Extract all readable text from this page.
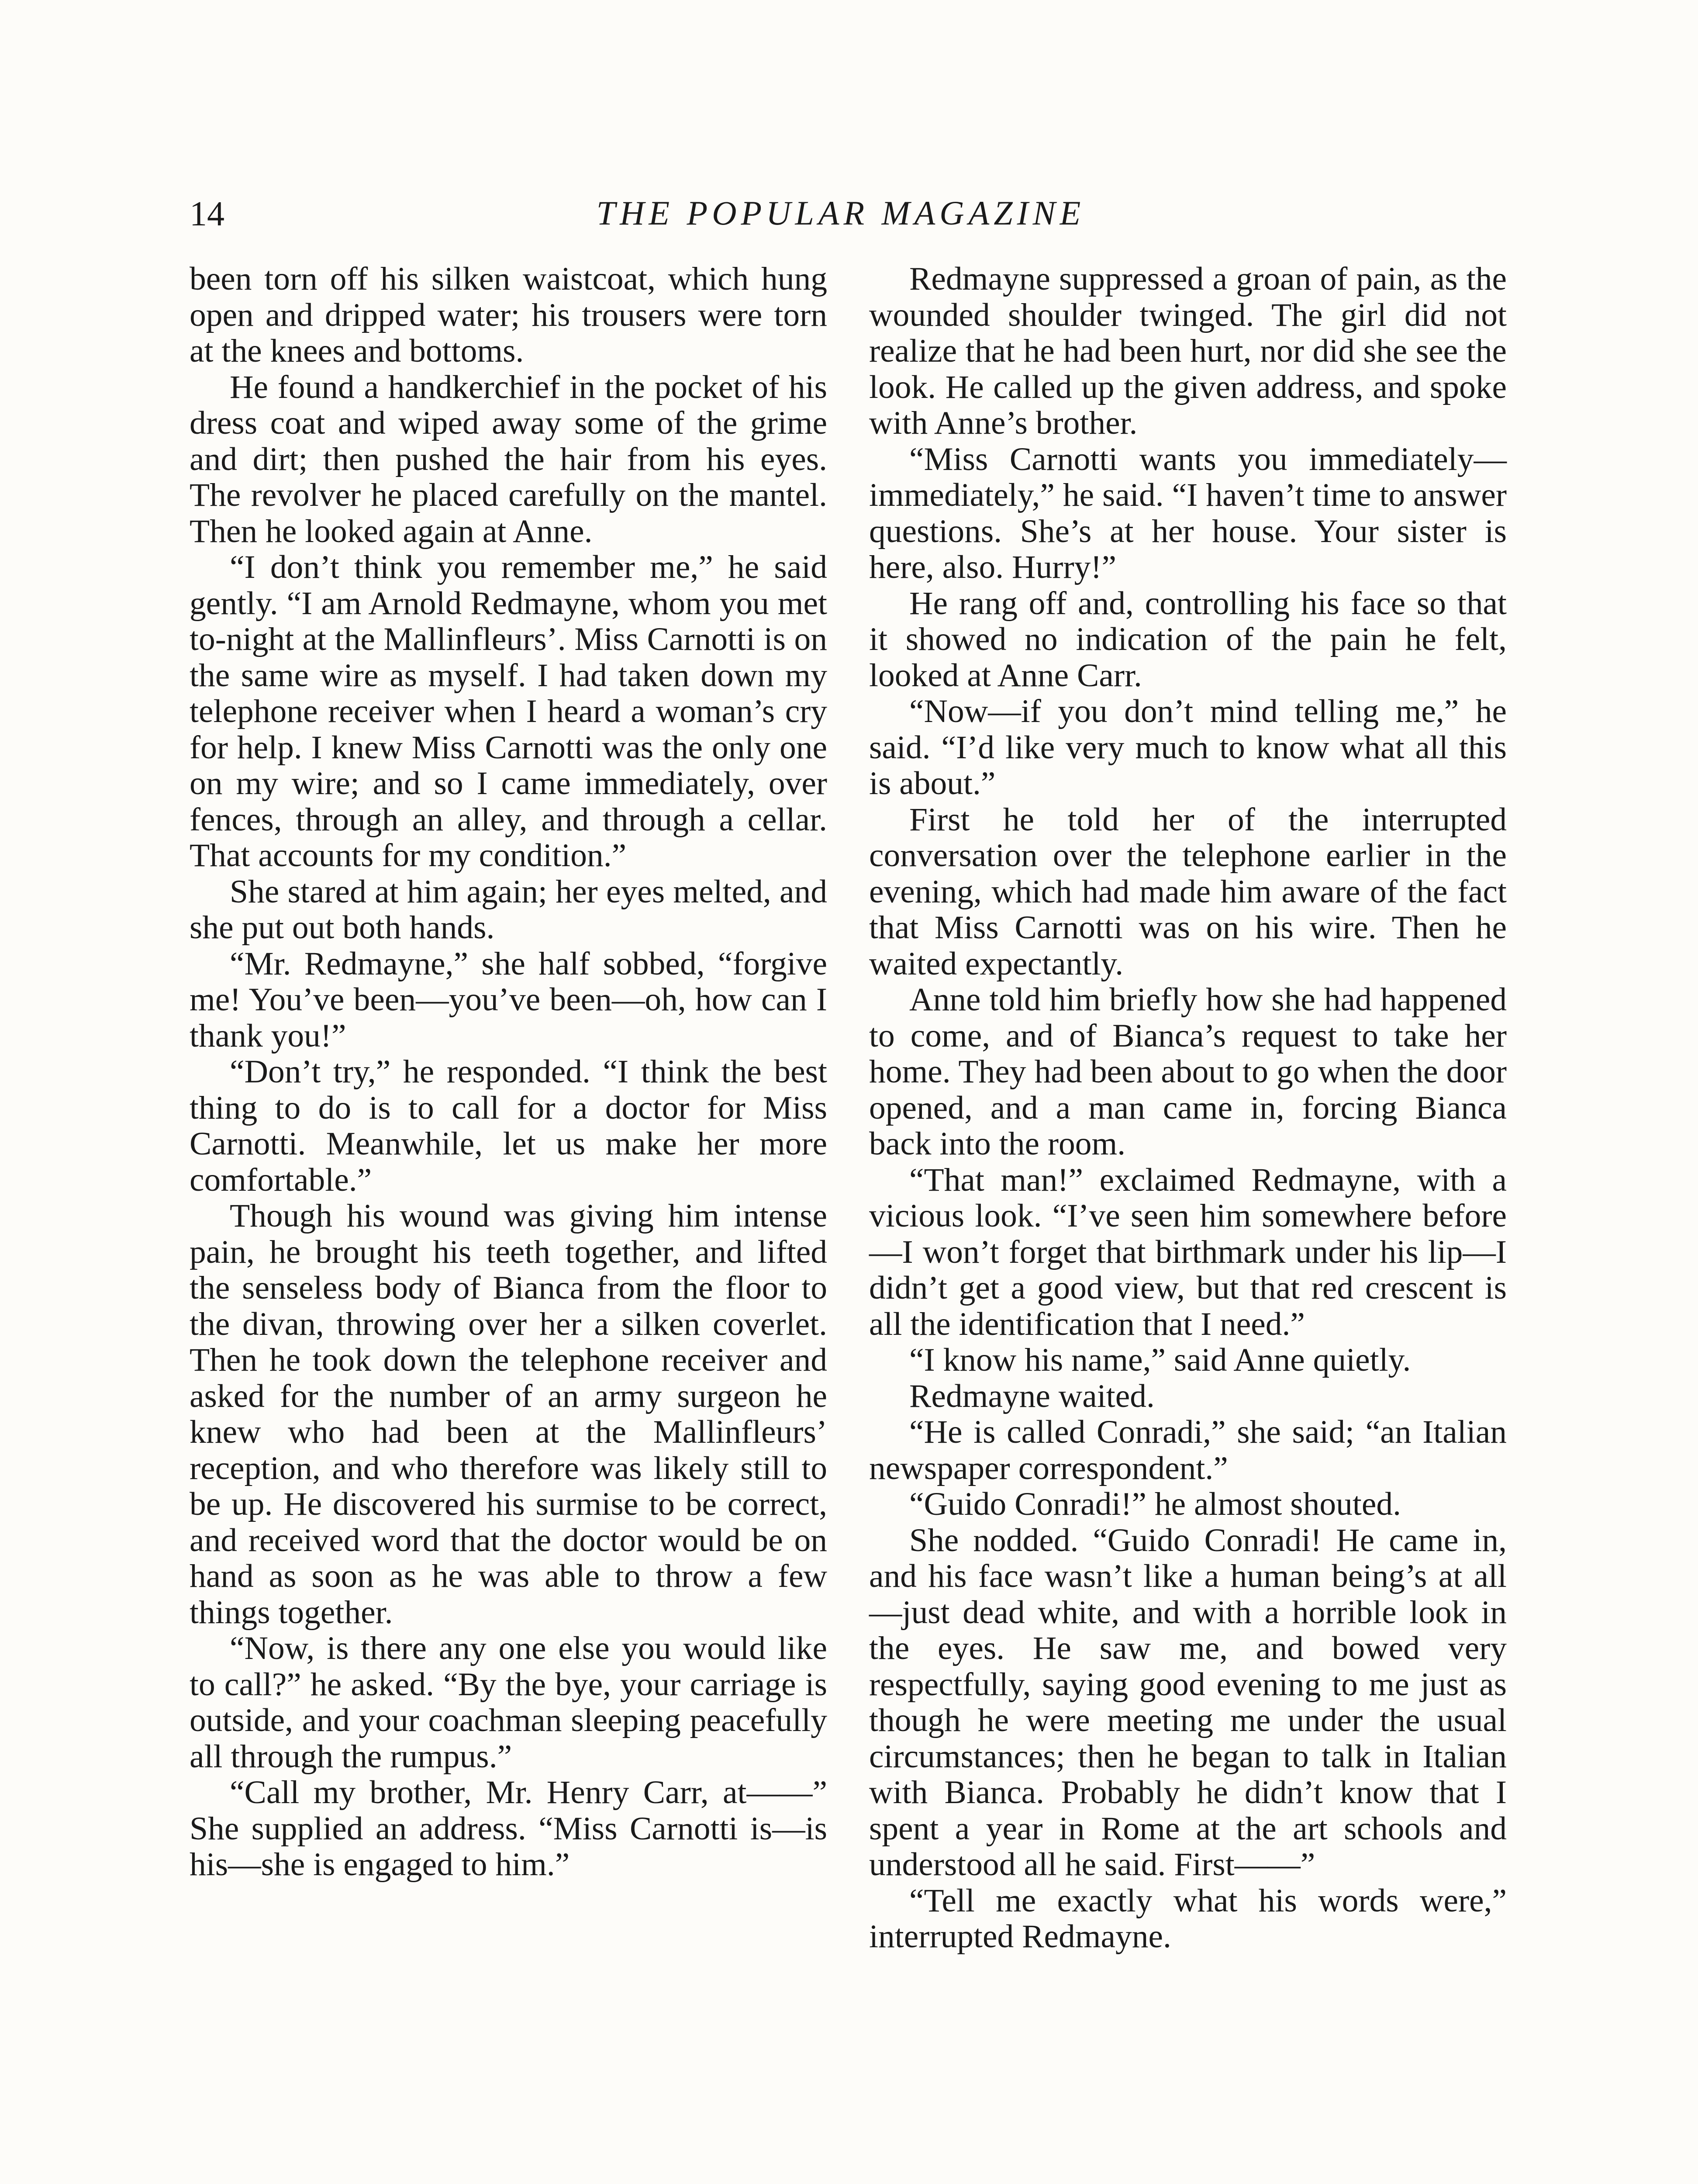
14	THE POPULAR MAGAZINE

been torn off his silken waistcoat, which hung open and dripped water; his trousers were torn at the knees and bottoms.

He found a handkerchief in the pocket of his dress coat and wiped away some of the grime and dirt; then pushed the hair from his eyes. The revolver he placed carefully on the mantel. Then he looked again at Anne.

“I don’t think you remember me,” he said gently. “I am Arnold Redmayne, whom you met to-night at the Mallinfleurs’. Miss Carnotti is on the same wire as myself. I had taken down my telephone receiver when I heard a woman’s cry for help. I knew Miss Carnotti was the only one on my wire; and so I came immediately, over fences, through an alley, and through a cellar. That accounts for my condition.”

She stared at him again; her eyes melted, and she put out both hands.

“Mr. Redmayne,” she half sobbed, “forgive me! You’ve been—you’ve been—oh, how can I thank you!”

“Don’t try,” he responded. “I think the best thing to do is to call for a doctor for Miss Carnotti. Meanwhile, let us make her more comfortable.”

Though his wound was giving him intense pain, he brought his teeth together, and lifted the senseless body of Bianca from the floor to the divan, throwing over her a silken coverlet. Then he took down the telephone receiver and asked for the number of an army surgeon he knew who had been at the Mallinfleurs’ reception, and who therefore was likely still to be up. He discovered his surmise to be correct, and received word that the doctor would be on hand as soon as he was able to throw a few things together.

“Now, is there any one else you would like to call?” he asked. “By the bye, your carriage is outside, and your coachman sleeping peacefully all through the rumpus.”

“Call my brother, Mr. Henry Carr, at——” She supplied an address. “Miss Carnotti is—is his—she is engaged to him.”

Redmayne suppressed a groan of pain, as the wounded shoulder twinged. The girl did not realize that he had been hurt, nor did she see the look. He called up the given address, and spoke with Anne’s brother.

“Miss Carnotti wants you immediately—immediately,” he said. “I haven’t time to answer questions. She’s at her house. Your sister is here, also. Hurry!”

He rang off and, controlling his face so that it showed no indication of the pain he felt, looked at Anne Carr.

“Now—if you don’t mind telling me,” he said. “I’d like very much to know what all this is about.”

First he told her of the interrupted conversation over the telephone earlier in the evening, which had made him aware of the fact that Miss Carnotti was on his wire. Then he waited expectantly.

Anne told him briefly how she had happened to come, and of Bianca’s request to take her home. They had been about to go when the door opened, and a man came in, forcing Bianca back into the room.

“That man!” exclaimed Redmayne, with a vicious look. “I’ve seen him somewhere before—I won’t forget that birthmark under his lip—I didn’t get a good view, but that red crescent is all the identification that I need.”

“I know his name,” said Anne quietly.

Redmayne waited.

“He is called Conradi,” she said; “an Italian newspaper correspondent.”

“Guido Conradi!” he almost shouted.

She nodded. “Guido Conradi! He came in, and his face wasn’t like a human being’s at all—just dead white, and with a horrible look in the eyes. He saw me, and bowed very respectfully, saying good evening to me just as though he were meeting me under the usual circumstances; then he began to talk in Italian with Bianca. Probably he didn’t know that I spent a year in Rome at the art schools and understood all he said. First——”

“Tell me exactly what his words were,” interrupted Redmayne.
